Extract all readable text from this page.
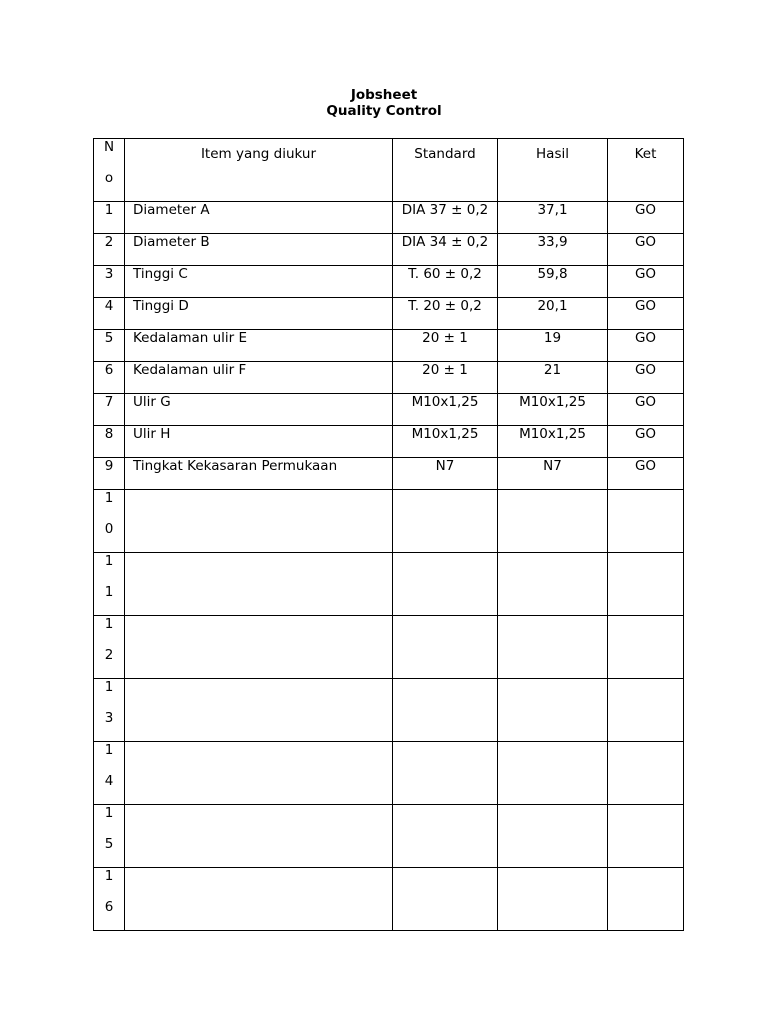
Jobsheet
Quality Control
No	Item yang diukur	Standard	Hasil	Ket

1	Diameter A	DIA 37 ± 0,2	37,1	GO

2	Diameter B	DIA 34 ± 0,2	33,9	GO

3	Tinggi C	T. 60 ± 0,2	59,8	GO

4	Tinggi D	T. 20 ± 0,2	20,1	GO

5	Kedalaman ulir E	20 ± 1	19	GO

6	Kedalaman ulir F	20 ± 1	21	GO

7	Ulir G	M10x1,25	M10x1,25	GO

8	Ulir H	M10x1,25	M10x1,25	GO

9	Tingkat Kekasaran Permukaan	N7	N7	GO

10				

11				

12				

13				

14				

15				

16				
